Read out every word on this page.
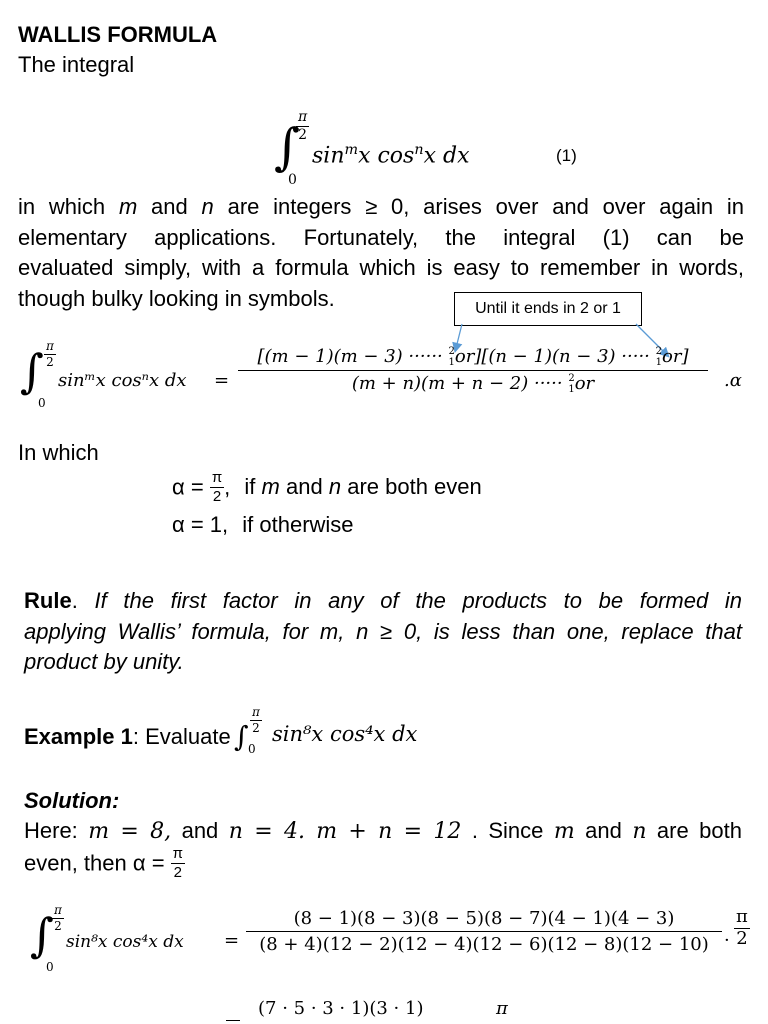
WALLIS FORMULA
The integral
∫
$\frac{\pi}{2}$
0
$\sin^mx$ $\cos^nx$ dx	(1)
in which m and n are integers ≥ 0, arises over and over again in
elementary applications. Fortunately, the integral (1) can be
evaluated simply, with a formula which is easy to remember in words,
though bulky looking in symbols.	Until it ends in 2 or 1
∫ $\frac{\pi}{2}$
0
sinᵐx cosⁿx dx = [(m − 1)(m − 3) ······ 2
1 or][(n − 1)(n − 3) ····· 2
1 or]
(m + n)(m + n − 2) ····· 2
1 or .α
In which
$\alpha = \frac{\pi}{2}$ , if m and n are both even
α = 1, if otherwise
Rule. If the first factor in any of the products to be formed in
applying Wallis’ formula, for m, n ≥ 0, is less than one, replace that
product by unity.
Example 1: Evaluate ∫ $\frac{\pi}{2}$
0
sin⁸x cos⁴x dx
Solution:
Here: m = 8, and n = 4. m + n = 12 . Since m and n are both
even, then $\alpha = \frac{\pi}{2}$
∫
$\frac{\pi}{2}$
0
sin⁸x cos⁴x dx = $\frac{(8 - 1)(8 - 3)(8 - 5)(8 - 7)(4 - 1)(4 - 3)}{(8 + 4)(12 - 2)(12 - 4)(12 - 6)(12 - 8)(12 - 10)} \cdot \frac{\pi}{2}$
(7 · 5 · 3 · 1)(3 · 1)	π
